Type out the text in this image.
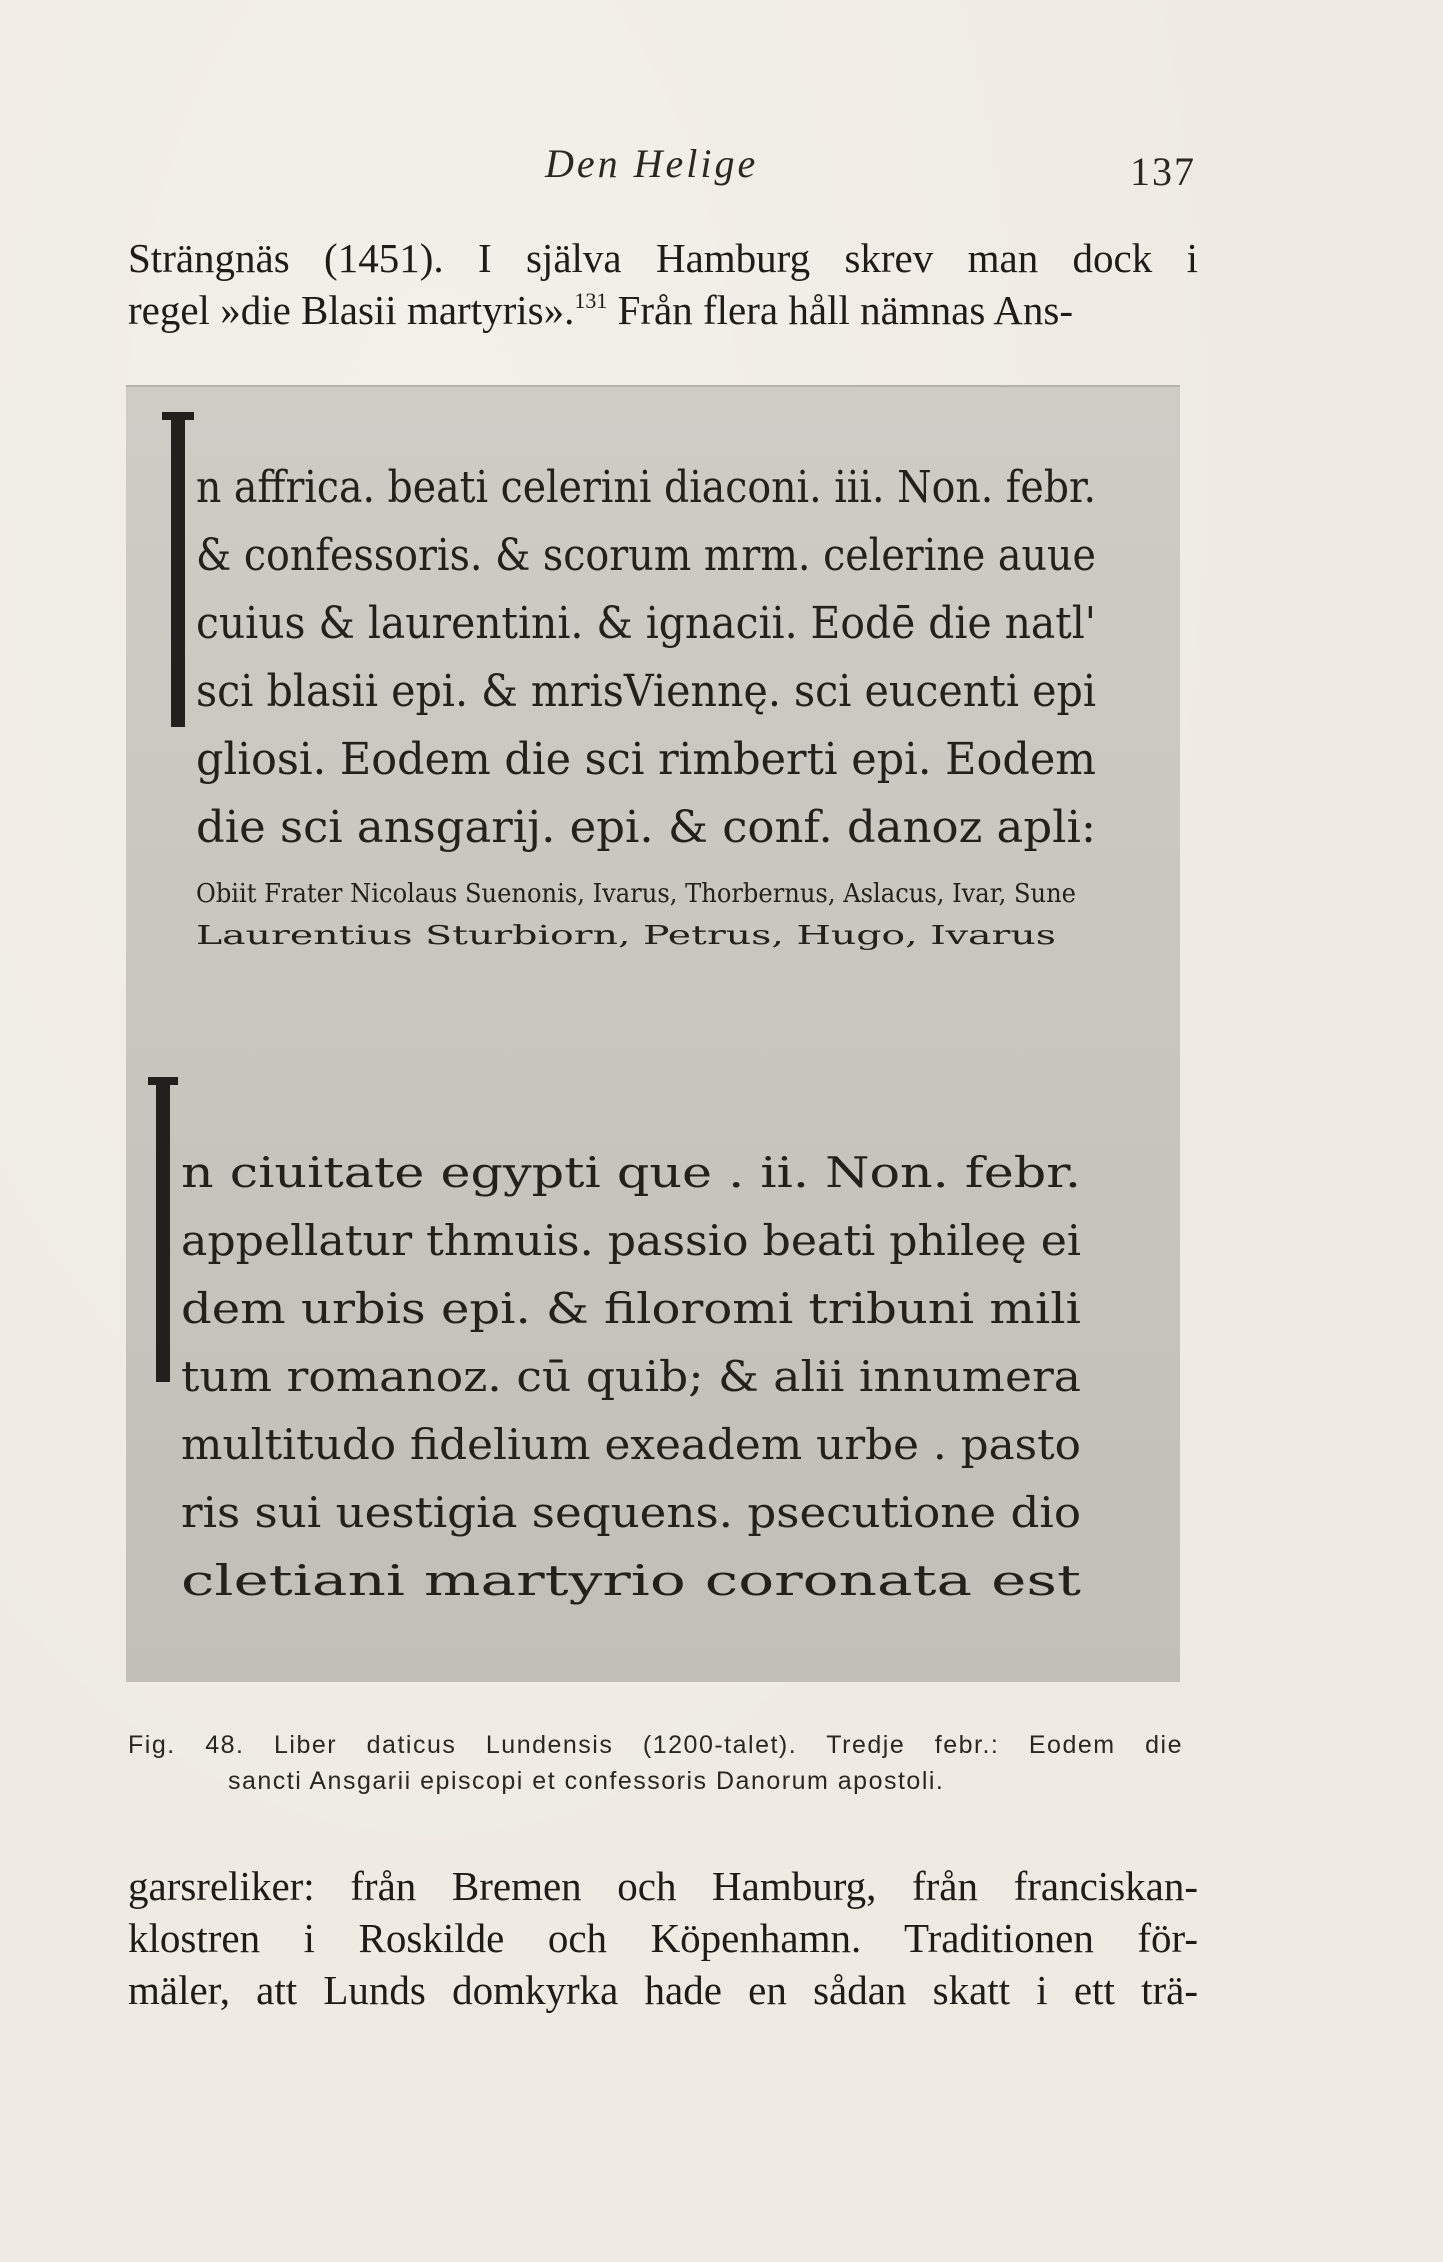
Den Helige	137

Strängnäs (1451). I själva Hamburg skrev man dock i
regel »die Blasii martyris».$^{131}$ Från flera håll nämnas Ans-

n affrica. beati celerini diaconi. iii. Non. febr.
& confessoris. & scorum mrm. celerine auue
cuius & laurentini. & ignacii. Eodē die natl'
sci blasii epi. & mrisViennę. sci eucenti epi
gliosi. Eodem die sci rimberti epi. Eodem
die sci ansgarij. epi. & conf. danoz apli:
Obiit Frater Nicolaus Suenonis, Ivarus, Thorbernus, Aslacus, Ivar, Sune
Laurentius Sturbiorn, Petrus, Hugo, Ivarus
n ciuitate egypti que . ii. Non. febr.
appellatur thmuis. passio beati phileę ei
dem urbis epi. & filoromi tribuni mili
tum romanoz. cū quib; & alii innumera
multitudo fidelium exeadem urbe . pasto
ris sui uestigia sequens. psecutione dio
cletiani martyrio coronata est
Fig. 48. Liber daticus Lundensis (1200-talet). Tredje febr.: Eodem die
sancti Ansgarii episcopi et confessoris Danorum apostoli.

garsreliker: från Bremen och Hamburg, från franciskan-
klostren i Roskilde och Köpenhamn. Traditionen för-
mäler, att Lunds domkyrka hade en sådan skatt i ett trä-
